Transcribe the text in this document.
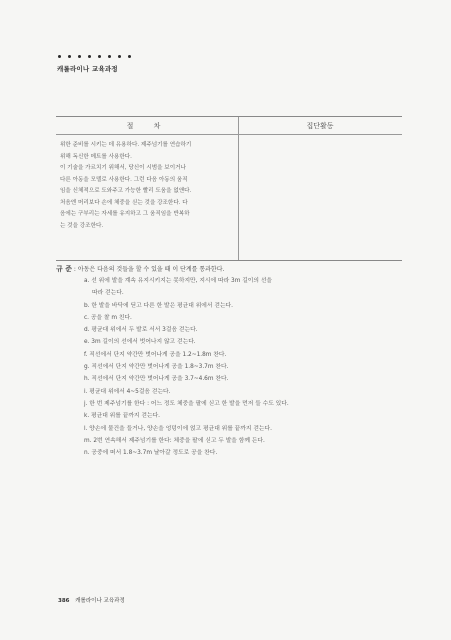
캐롤라이나 교육과정
절 차	집단활동

위한 준비를 시키는 데 유용하다. 제주넘기를 연습하기

위해 독신한 메트를 사용한다.

이 기술을 가르치기 위해서, 당신이 시범을 보이거나

다른 아동을 모델로 사용한다. 그런 다음 아동의 움직

임을 신체적으로 도와주고 가능한 빨리 도움을 없앤다.

처음엔 머리보다 손에 체중을 싣는 것을 강조한다. 다

음에는 구부리는 자세를 유지하고 그 움직임을 반복하

는 것을 강조한다.

규 준 : 아동은 다음의 것들을 할 수 있을 때 이 단계를 통과한다.
a. 선 위에 발을 계속 유지시키지는 못하지만, 지시에 따라 3m 길이의 선을
따라 걷는다.
b. 한 발을 바닥에 딛고 다른 한 발은 평균대 위에서 걷는다.
c. 공을 찰 m 친다.
d. 평균대 위에서 두 발로 서서 3걸음 걷는다.
e. 3m 길이의 선에서 벗어나지 않고 걷는다.
f. 직선에서 단지 약간만 벗어나게 공을 1.2~1.8m 찬다.
g. 직선에서 단지 약간만 벗어나게 공을 1.8~3.7m 찬다.
h. 직선에서 단지 약간만 벗어나게 공을 3.7~4.6m 찬다.
i. 평균대 위에서 4~5걸음 걷는다.
j. 한 번 제주넘기를 한다 : 어느 정도 체중을 팔에 싣고 한 발을 먼저 들 수도 있다.
k. 평균대 위를 끝까지 걷는다.
l. 양손에 물건을 들거나, 양손을 엉덩이에 얹고 평균대 위를 끝까지 걷는다.
m. 2번 연속해서 제주넘기를 한다: 체중을 팔에 싣고 두 발을 함께 든다.
n. 공중에 떠서 1.8~3.7m 날아갈 정도로 공을 찬다.
386 캐롤라이나 교육과정
